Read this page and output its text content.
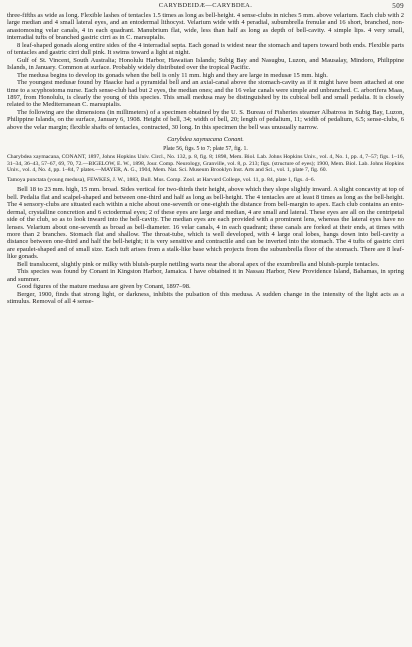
CARYBDEIDÆ—CARYBDEA.	509

three-fifths as wide as long. Flexible lashes of tentacles 1.5 times as long as bell-height. 4 sense-clubs in niches 5 mm. above velarium. Each club with 2 large median and 4 small lateral eyes, and an entodermal lithocyst. Velarium wide with 4 peradial, subumbrella frenulæ and 16 short, branched, non-anastomosing velar canals, 4 in each quadrant. Manubrium flat, wide, less than half as long as depth of bell-cavity. 4 simple lips. 4 very small, interradial tufts of branched gastric cirri as in C. marsupialis.

8 leaf-shaped gonads along entire sides of the 4 interradial septa. Each gonad is widest near the stomach and tapers toward both ends. Flexible parts of tentacles and gastric cirri dull pink. It swims toward a light at night.

Gulf of St. Vincent, South Australia; Honolulu Harbor, Hawaiian Islands; Subig Bay and Nasugbu, Luzon, and Mausalay, Mindoro, Philippine Islands, in January. Common at surface. Probably widely distributed over the tropical Pacific.

The medusa begins to develop its gonads when the bell is only 11 mm. high and they are large in medusæ 15 mm. high.

The youngest medusæ found by Haacke had a pyramidal bell and an axial-canal above the stomach-cavity as if it might have been attached at one time to a scyphostoma nurse. Each sense-club had but 2 eyes, the median ones; and the 16 velar canals were simple and unbranched. C. arborifera Maas, 1897, from Honolulu, is clearly the young of this species. This small medusa may be distinguished by its cubical bell and small pedalia. It is closely related to the Mediterranean C. marsupialis.

The following are the dimensions (in millimeters) of a specimen obtained by the U. S. Bureau of Fisheries steamer Albatross in Subig Bay, Luzon, Philippine Islands, on the surface, January 6, 1908. Height of bell, 34; width of bell, 20; length of pedalium, 11; width of pedalium, 6.5; sense-clubs, 6 above the velar margin; flexible shafts of tentacles, contracted, 30 long. In this specimen the bell was unusually narrow.

Carybdea xaymacana Conant.
Plate 56, figs. 5 to 7; plate 57, fig. 1.

Charybdea xaymacana, CONANT, 1897, Johns Hopkins Univ. Circl., No. 132, p. 8, fig. 8; 1898, Mem. Biol. Lab. Johns Hopkins Univ., vol. 4, No. 1, pp. 4, 7–57; figs. 1–16, 31–34, 36–43, 57–67, 69, 70, 72.—BIGELOW, E. W., 1898, Jour. Comp. Neurology, Granville, vol. 8, p. 213; figs. (structure of eyes); 1900, Mem. Biol. Lab. Johns Hopkins Univ., vol. 4, No. 4, pp. 1–84, 7 plates.—MAYER, A. G., 1904, Mem. Nat. Sci. Museum Brooklyn Inst. Arts and Sci., vol. 1, plate 7, fig. 60.

Tamoya punctata (young medusa), FEWKES, J. W., 1883, Bull. Mus. Comp. Zool. at Harvard College, vol. 11, p. 84, plate 1, figs. 4–6.

Bell 18 to 23 mm. high, 15 mm. broad. Sides vertical for two-thirds their height, above which they slope slightly inward. A slight concavity at top of bell. Pedalia flat and scalpel-shaped and between one-third and half as long as bell-height. The 4 tentacles are at least 8 times as long as the bell-height. The 4 sensory-clubs are situated each within a niche about one-seventh or one-eighth the distance from bell-margin to apex. Each club contains an ento-dermal, crystalline concretion and 6 ectodermal eyes; 2 of these eyes are large and median, 4 are small and lateral. These eyes are all on the centripetal side of the club, so as to look inward into the bell-cavity. The median eyes are each provided with a prominent lens, whereas the lateral eyes have no lenses. Velarium about one-seventh as broad as bell-diameter. 16 velar canals, 4 in each quadrant; these canals are forked at their ends, at times with more than 2 branches. Stomach flat and shallow. The throat-tube, which is well developed, with 4 large oral lobes, hangs down into bell-cavity a distance between one-third and half the bell-height; it is very sensitive and contractile and can be inverted into the stomach. The 4 tufts of gastric cirri are epaulet-shaped and of small size. Each tuft arises from a stalk-like base which projects from the subumbrella floor of the stomach. There are 8 leaf-like gonads.

Bell translucent, slightly pink or milky with bluish-purple nettling warts near the aboral apex of the exumbrella and bluish-purple tentacles.

This species was found by Conant in Kingston Harbor, Jamaica. I have obtained it in Nassau Harbor, New Providence Island, Bahamas, in spring and summer.

Good figures of the mature medusa are given by Conant, 1897–98.

Berger, 1900, finds that strong light, or darkness, inhibits the pulsation of this medusa. A sudden change in the intensity of the light acts as a stimulus. Removal of all 4 sense-
